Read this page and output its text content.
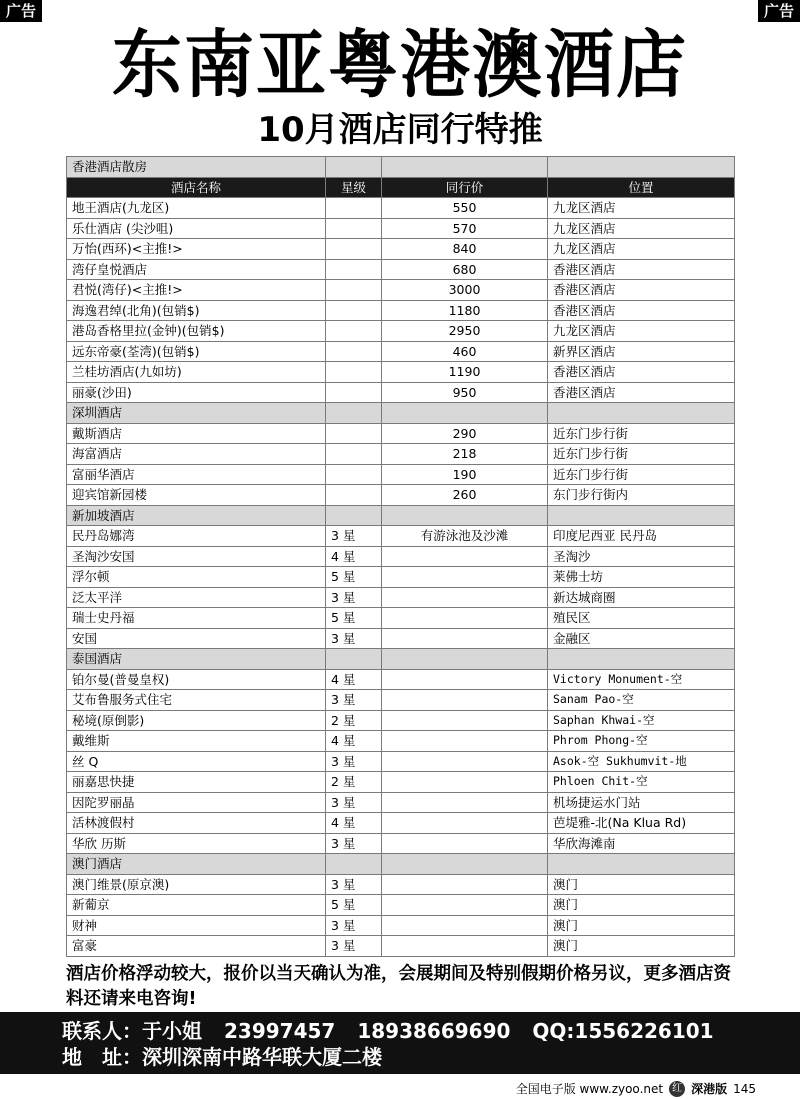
广告	广告
东南亚粤港澳酒店
10月酒店同行特推
香港酒店散房			
酒店名称	星级	同行价	位置
地王酒店(九龙区)		550	九龙区酒店
乐仕酒店 (尖沙咀)		570	九龙区酒店
万怡(西环)<主推!>		840	九龙区酒店
湾仔皇悦酒店		680	香港区酒店
君悦(湾仔)<主推!>		3000	香港区酒店
海逸君绰(北角)(包销$)		1180	香港区酒店
港岛香格里拉(金钟)(包销$)		2950	九龙区酒店
远东帝豪(荃湾)(包销$)		460	新界区酒店
兰桂坊酒店(九如坊)		1190	香港区酒店
丽豪(沙田)		950	香港区酒店
深圳酒店			
戴斯酒店		290	近东门步行街
海富酒店		218	近东门步行街
富丽华酒店		190	近东门步行街
迎宾馆新园楼		260	东门步行街内
新加坡酒店			
民丹岛娜湾	3 星	有游泳池及沙滩	印度尼西亚 民丹岛
圣淘沙安国	4 星		圣淘沙
浮尔顿	5 星		莱佛士坊
泛太平洋	3 星		新达城商圈
瑞士史丹福	5 星		殖民区
安国	3 星		金融区
泰国酒店			
铂尔曼(普曼皇权)	4 星		Victory Monument-空
艾布鲁服务式住宅	3 星		Sanam Pao-空
秘境(原倒影)	2 星		Saphan Khwai-空
戴维斯	4 星		Phrom Phong-空
丝 Q	3 星		Asok-空 Sukhumvit-地
丽嘉思快捷	2 星		Phloen Chit-空
因陀罗丽晶	3 星		机场捷运水门站
活林渡假村	4 星		芭堤雅-北(Na Klua Rd)
华欣 历斯	3 星		华欣海滩南
澳门酒店			
澳门维景(原京澳)	3 星		澳门
新葡京	5 星		澳门
财神	3 星		澳门
富豪	3 星		澳门
酒店价格浮动较大，报价以当天确认为准，会展期间及特别假期价格另议，更多酒店资料还请来电咨询!
联系人：于小姐 23997457 18938669690 QQ:1556226101
地　址：深圳深南中路华联大厦二楼
全国电子版 www.zyoo.net 红 深港版 145
